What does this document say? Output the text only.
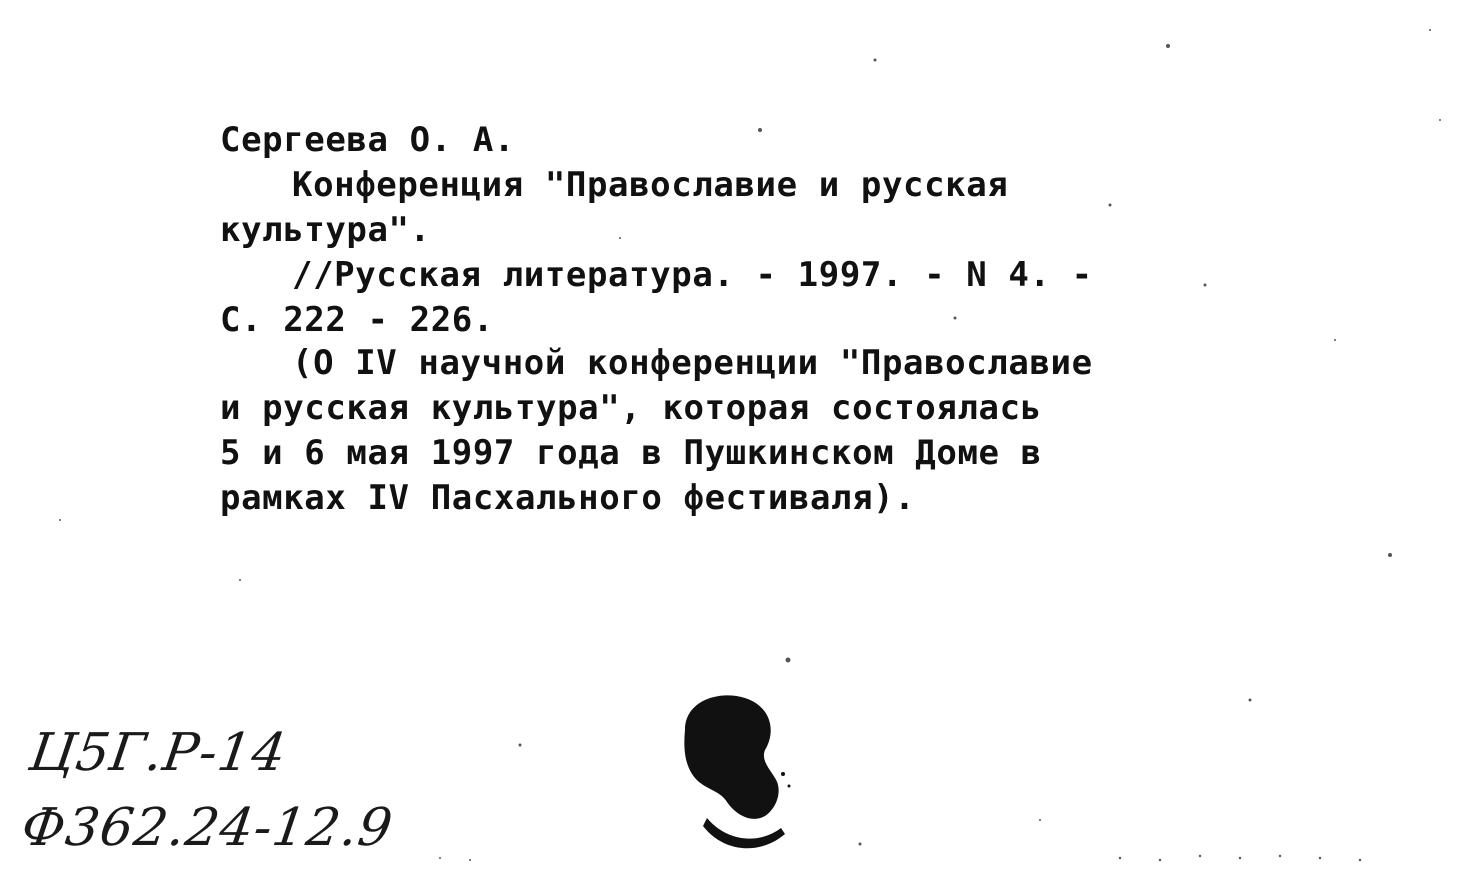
Сергеева О. А.
Конференция "Православие и русская
культура".
//Русская литература. - 1997. - N 4. -
С. 222 - 226.
(О IV научной конференции "Православие
и русская культура", которая состоялась
5 и 6 мая 1997 года в Пушкинском Доме в
рамках IV Пасхального фестиваля).
Ц5Г.Р-14
Ф362.24-12.9
